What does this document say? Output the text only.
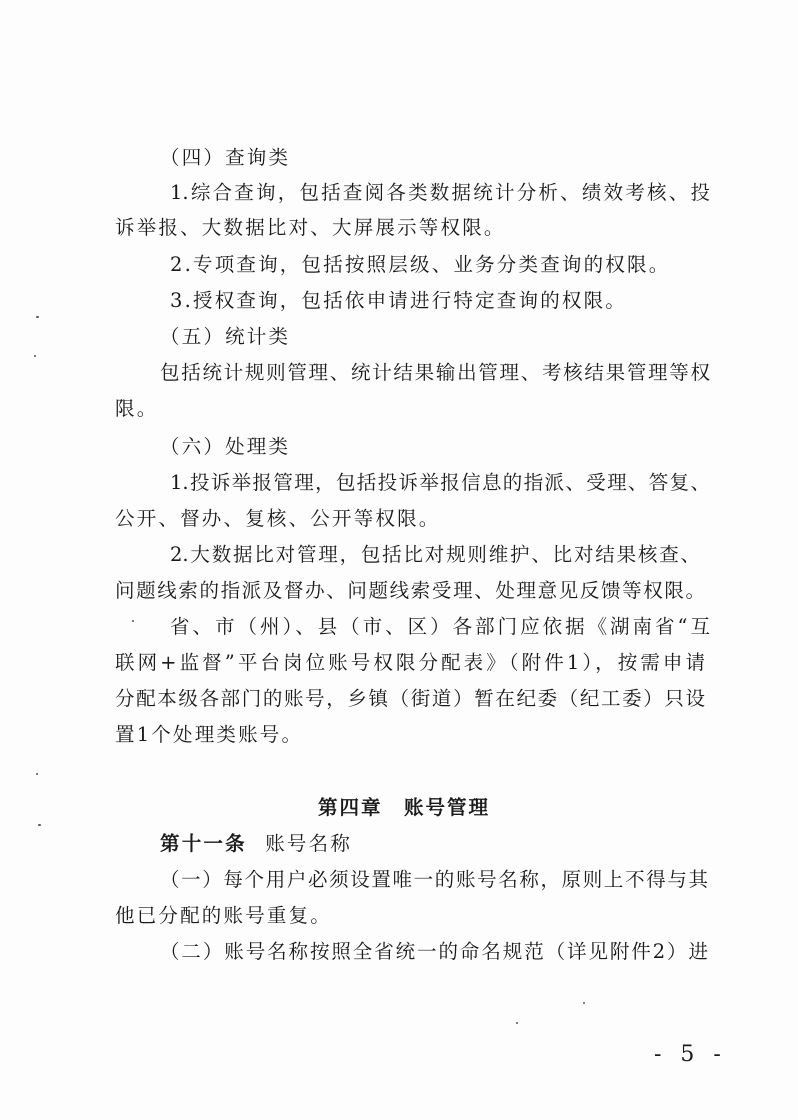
（四）查询类
1.综合查询，包括查阅各类数据统计分析、绩效考核、投
诉举报、大数据比对、大屏展示等权限。
2.专项查询，包括按照层级、业务分类查询的权限。
3.授权查询，包括依申请进行特定查询的权限。
（五）统计类
包括统计规则管理、统计结果输出管理、考核结果管理等权
限。
（六）处理类
1.投诉举报管理，包括投诉举报信息的指派、受理、答复、
公开、督办、复核、公开等权限。
2.大数据比对管理，包括比对规则维护、比对结果核查、
问题线索的指派及督办、问题线索受理、处理意见反馈等权限。
省、市（州）、县（市、区）各部门应依据《湖南省“互
联网+监督”平台岗位账号权限分配表》（附件1），按需申请
分配本级各部门的账号，乡镇（街道）暂在纪委（纪工委）只设
置1个处理类账号。
第四章　账号管理
第十一条 账号名称
（一）每个用户必须设置唯一的账号名称，原则上不得与其
他已分配的账号重复。
（二）账号名称按照全省统一的命名规范（详见附件2）进
- 5 -
